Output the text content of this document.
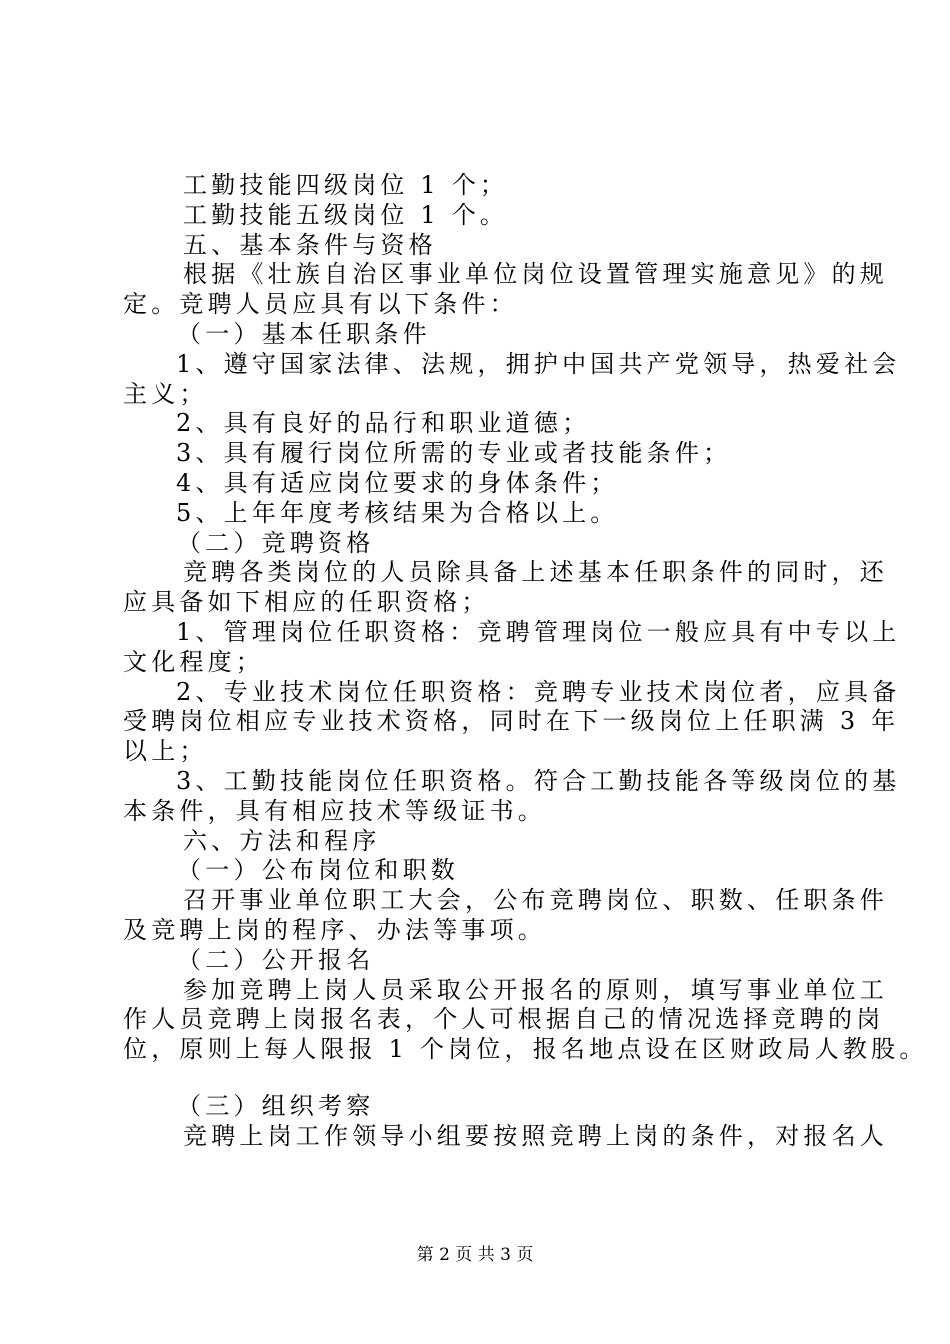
工勤技能四级岗位 1 个；
工勤技能五级岗位 1 个。
五、基本条件与资格
根据《壮族自治区事业单位岗位设置管理实施意见》的规
定。竞聘人员应具有以下条件：
（一）基本任职条件
1、遵守国家法律、法规，拥护中国共产党领导，热爱社会
主义；
2、具有良好的品行和职业道德；
3、具有履行岗位所需的专业或者技能条件；
4、具有适应岗位要求的身体条件；
5、上年年度考核结果为合格以上。
（二）竞聘资格
竞聘各类岗位的人员除具备上述基本任职条件的同时，还
应具备如下相应的任职资格；
1、管理岗位任职资格：竞聘管理岗位一般应具有中专以上
文化程度；
2、专业技术岗位任职资格：竞聘专业技术岗位者，应具备
受聘岗位相应专业技术资格，同时在下一级岗位上任职满 3 年
以上；
3、工勤技能岗位任职资格。符合工勤技能各等级岗位的基
本条件，具有相应技术等级证书。
六、方法和程序
（一）公布岗位和职数
召开事业单位职工大会，公布竞聘岗位、职数、任职条件
及竞聘上岗的程序、办法等事项。
（二）公开报名
参加竞聘上岗人员采取公开报名的原则，填写事业单位工
作人员竞聘上岗报名表，个人可根据自己的情况选择竞聘的岗
位，原则上每人限报 1 个岗位，报名地点设在区财政局人教股。
（三）组织考察
竞聘上岗工作领导小组要按照竞聘上岗的条件，对报名人
第 2 页 共 3 页
